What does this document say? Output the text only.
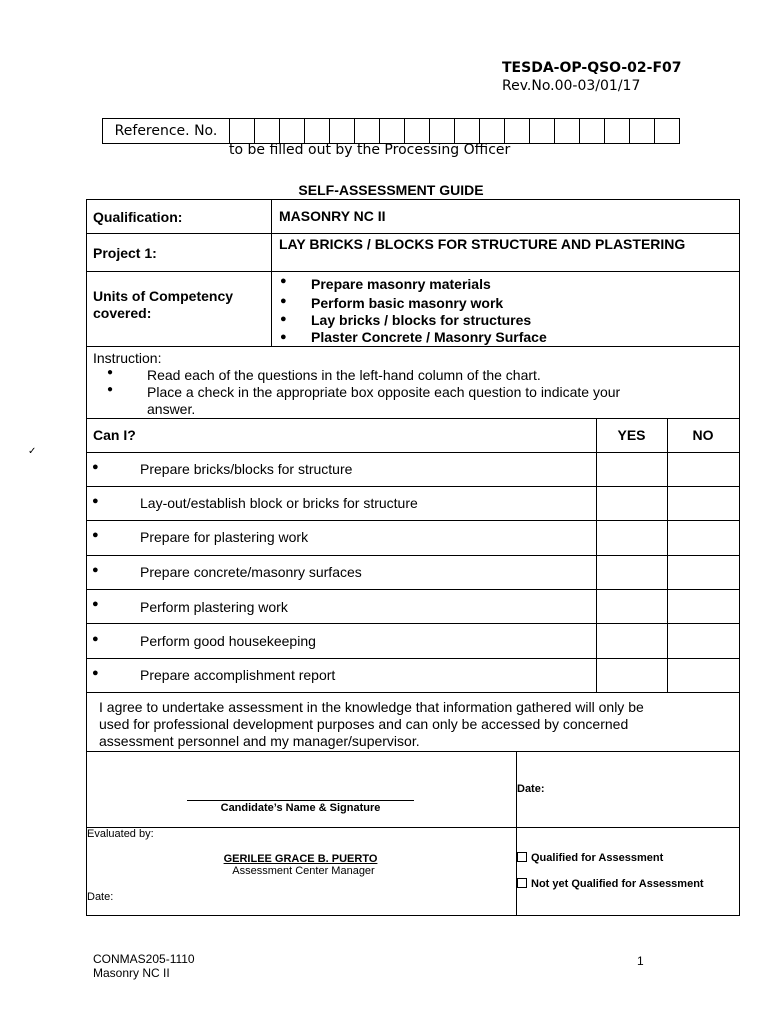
TESDA-OP-QSO-02-F07
Rev.No.00-03/01/17
Reference. No.
to be filled out by the Processing Officer
SELF-ASSESSMENT GUIDE
✓
Qualification:	MASONRY NC II
Project 1:
LAY BRICKS / BLOCKS FOR STRUCTURE AND PLASTERING
Units of Competency
covered:
● Prepare masonry materials
● Perform basic masonry work
● Lay bricks / blocks for structures
● Plaster Concrete / Masonry Surface
Instruction:
● Read each of the questions in the left-hand column of the chart.
● Place a check in the appropriate box opposite each question to indicate your
answer.
Can I?	YES	NO
●	Prepare bricks/blocks for structure
●	Lay-out/establish block or bricks for structure
●	Prepare for plastering work
●	Prepare concrete/masonry surfaces
●	Perform plastering work
●	Perform good housekeeping
●	Prepare accomplishment report
I agree to undertake assessment in the knowledge that information gathered will only be
used for professional development purposes and can only be accessed by concerned
assessment personnel and my manager/supervisor.
Candidate’s Name & Signature
Date:
Evaluated by:
GERILEE GRACE B. PUERTO
Assessment Center Manager
Date:
Qualified for Assessment
Not yet Qualified for Assessment
CONMAS205-1110
Masonry NC II
1
